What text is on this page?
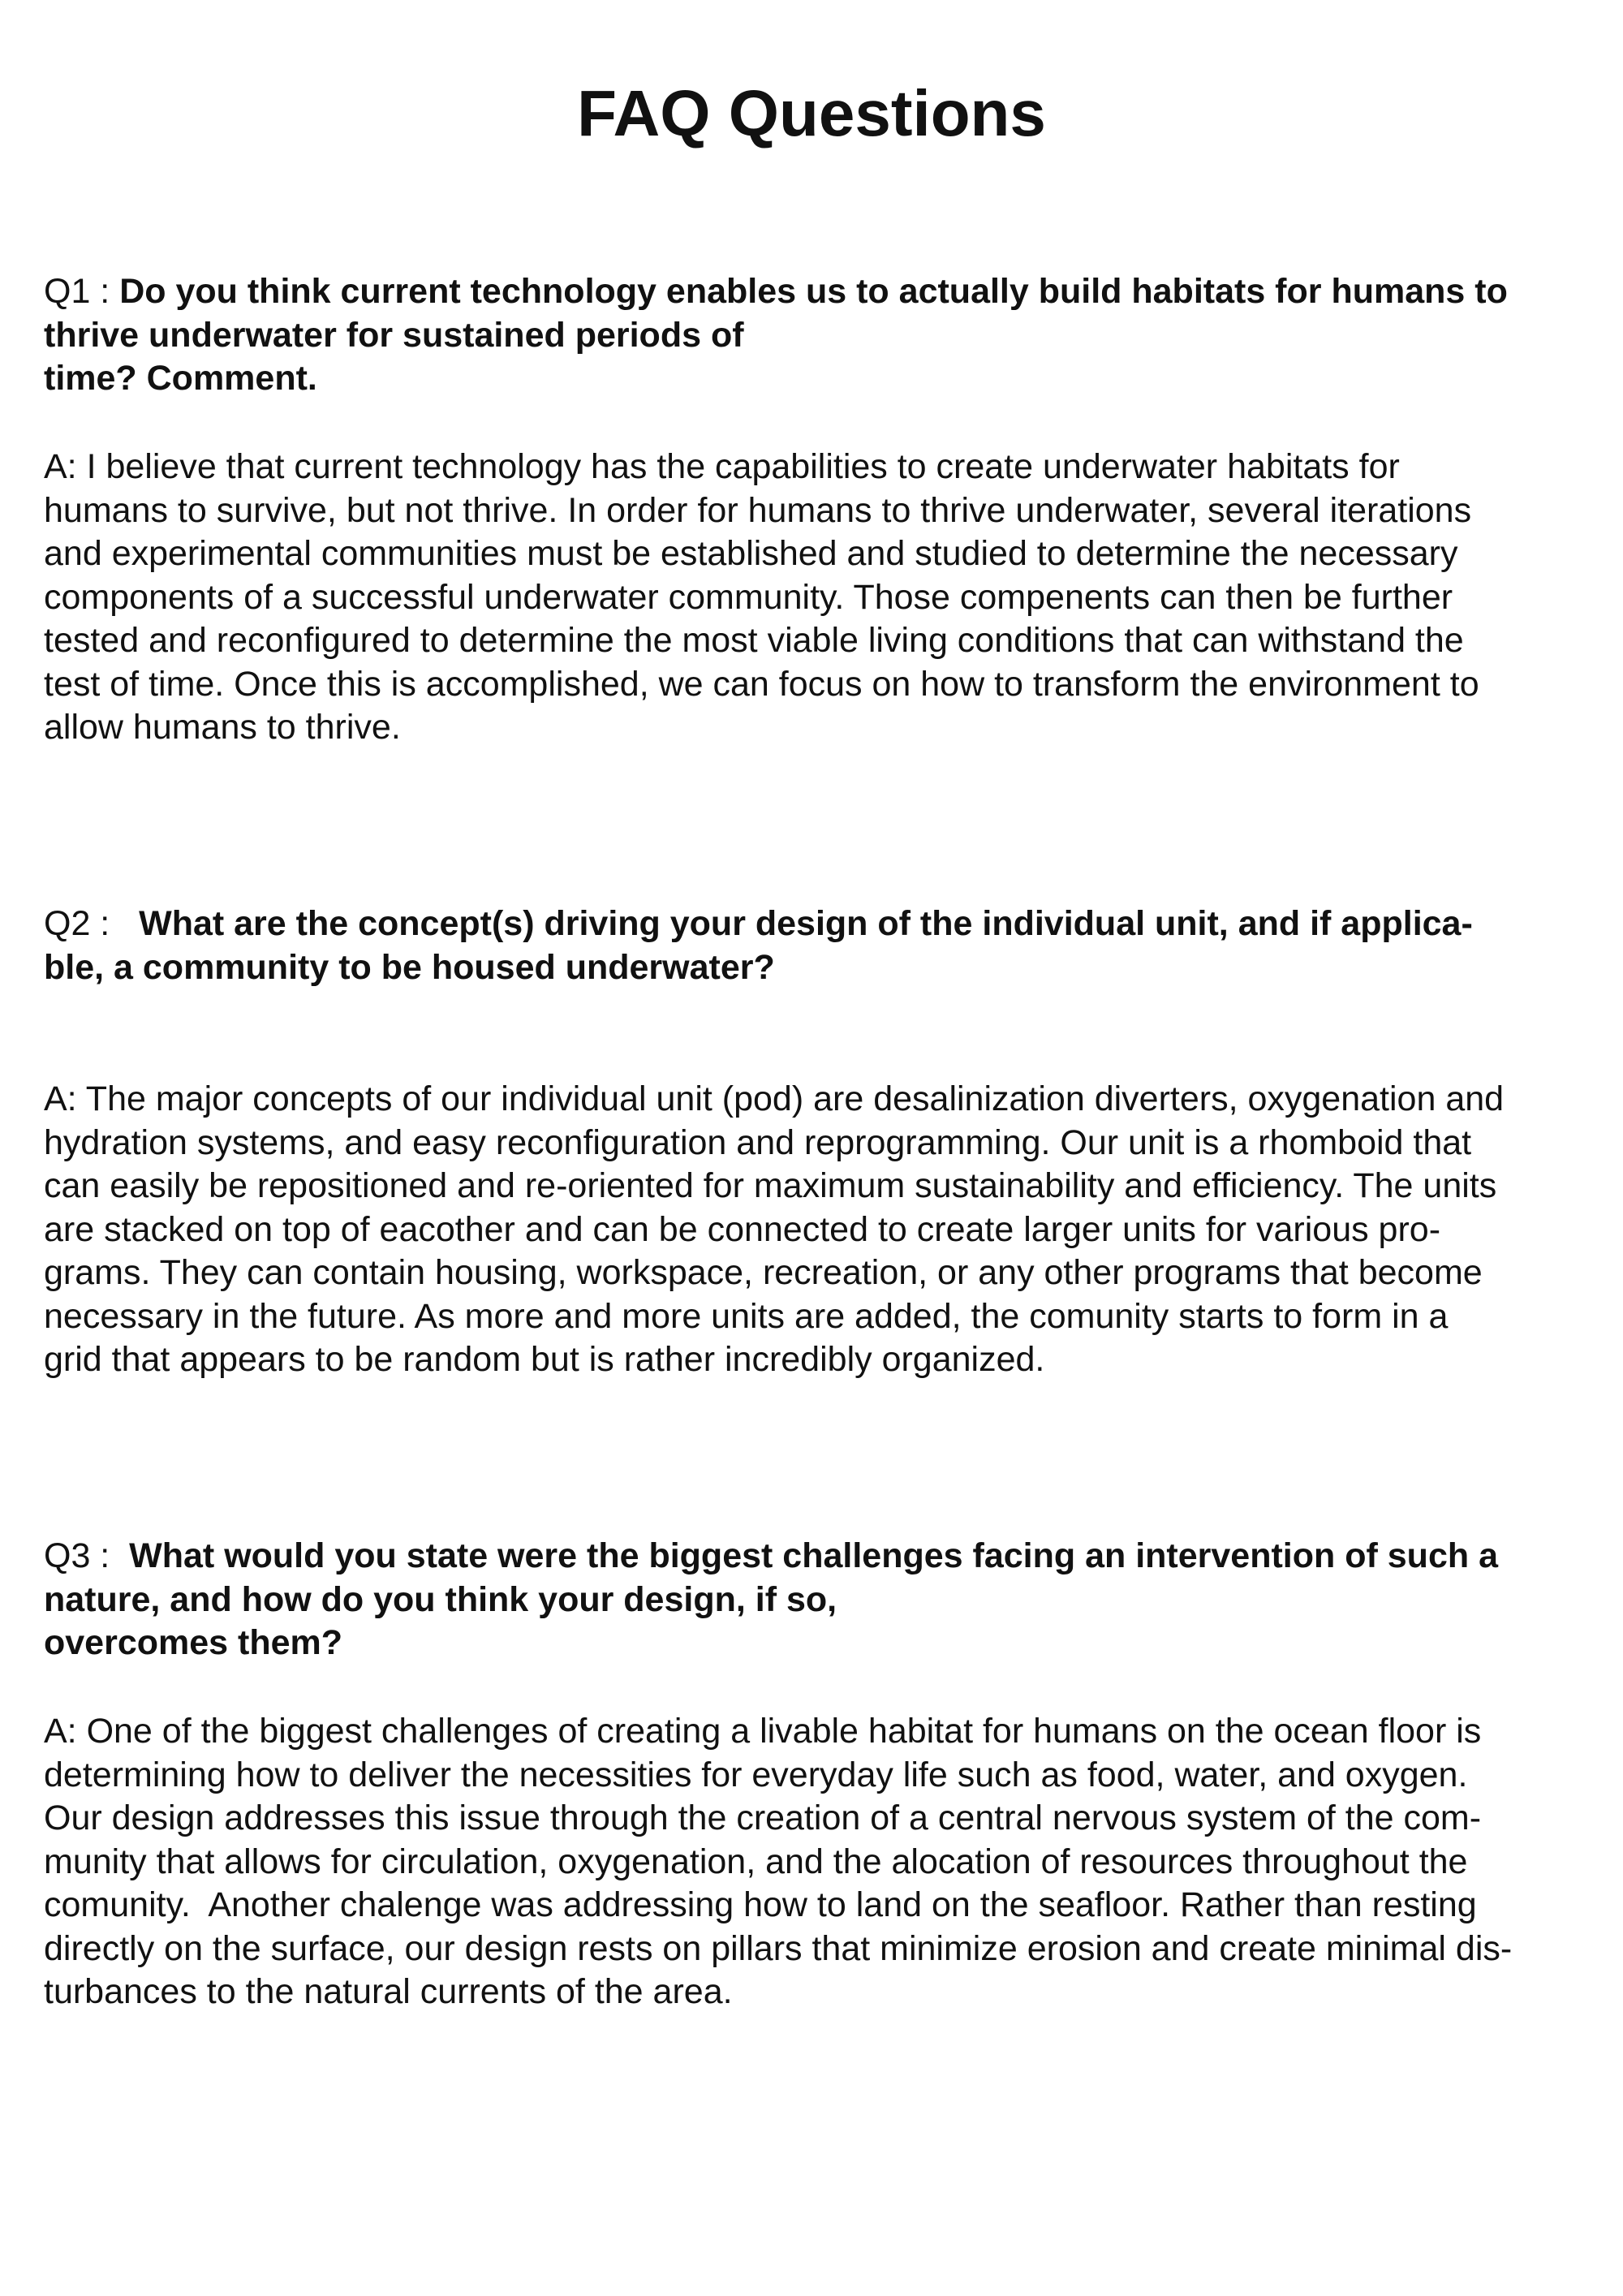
FAQ Questions
Q1 : Do you think current technology enables us to actually build habitats for humans to
thrive underwater for sustained periods of
time? Comment.
A: I believe that current technology has the capabilities to create underwater habitats for
humans to survive, but not thrive. In order for humans to thrive underwater, several iterations
and experimental communities must be established and studied to determine the necessary
components of a successful underwater community. Those compenents can then be further
tested and reconfigured to determine the most viable living conditions that can withstand the
test of time. Once this is accomplished, we can focus on how to transform the environment to
allow humans to thrive.
Q2 :   What are the concept(s) driving your design of the individual unit, and if applica-
ble, a community to be housed underwater?
A: The major concepts of our individual unit (pod) are desalinization diverters, oxygenation and
hydration systems, and easy reconfiguration and reprogramming. Our unit is a rhomboid that
can easily be repositioned and re-oriented for maximum sustainability and efficiency. The units
are stacked on top of eacother and can be connected to create larger units for various pro-
grams. They can contain housing, workspace, recreation, or any other programs that become
necessary in the future. As more and more units are added, the comunity starts to form in a
grid that appears to be random but is rather incredibly organized.
Q3 :  What would you state were the biggest challenges facing an intervention of such a
nature, and how do you think your design, if so,
overcomes them?
A: One of the biggest challenges of creating a livable habitat for humans on the ocean floor is
determining how to deliver the necessities for everyday life such as food, water, and oxygen.
Our design addresses this issue through the creation of a central nervous system of the com-
munity that allows for circulation, oxygenation, and the alocation of resources throughout the
comunity.  Another chalenge was addressing how to land on the seafloor. Rather than resting
directly on the surface, our design rests on pillars that minimize erosion and create minimal dis-
turbances to the natural currents of the area.
